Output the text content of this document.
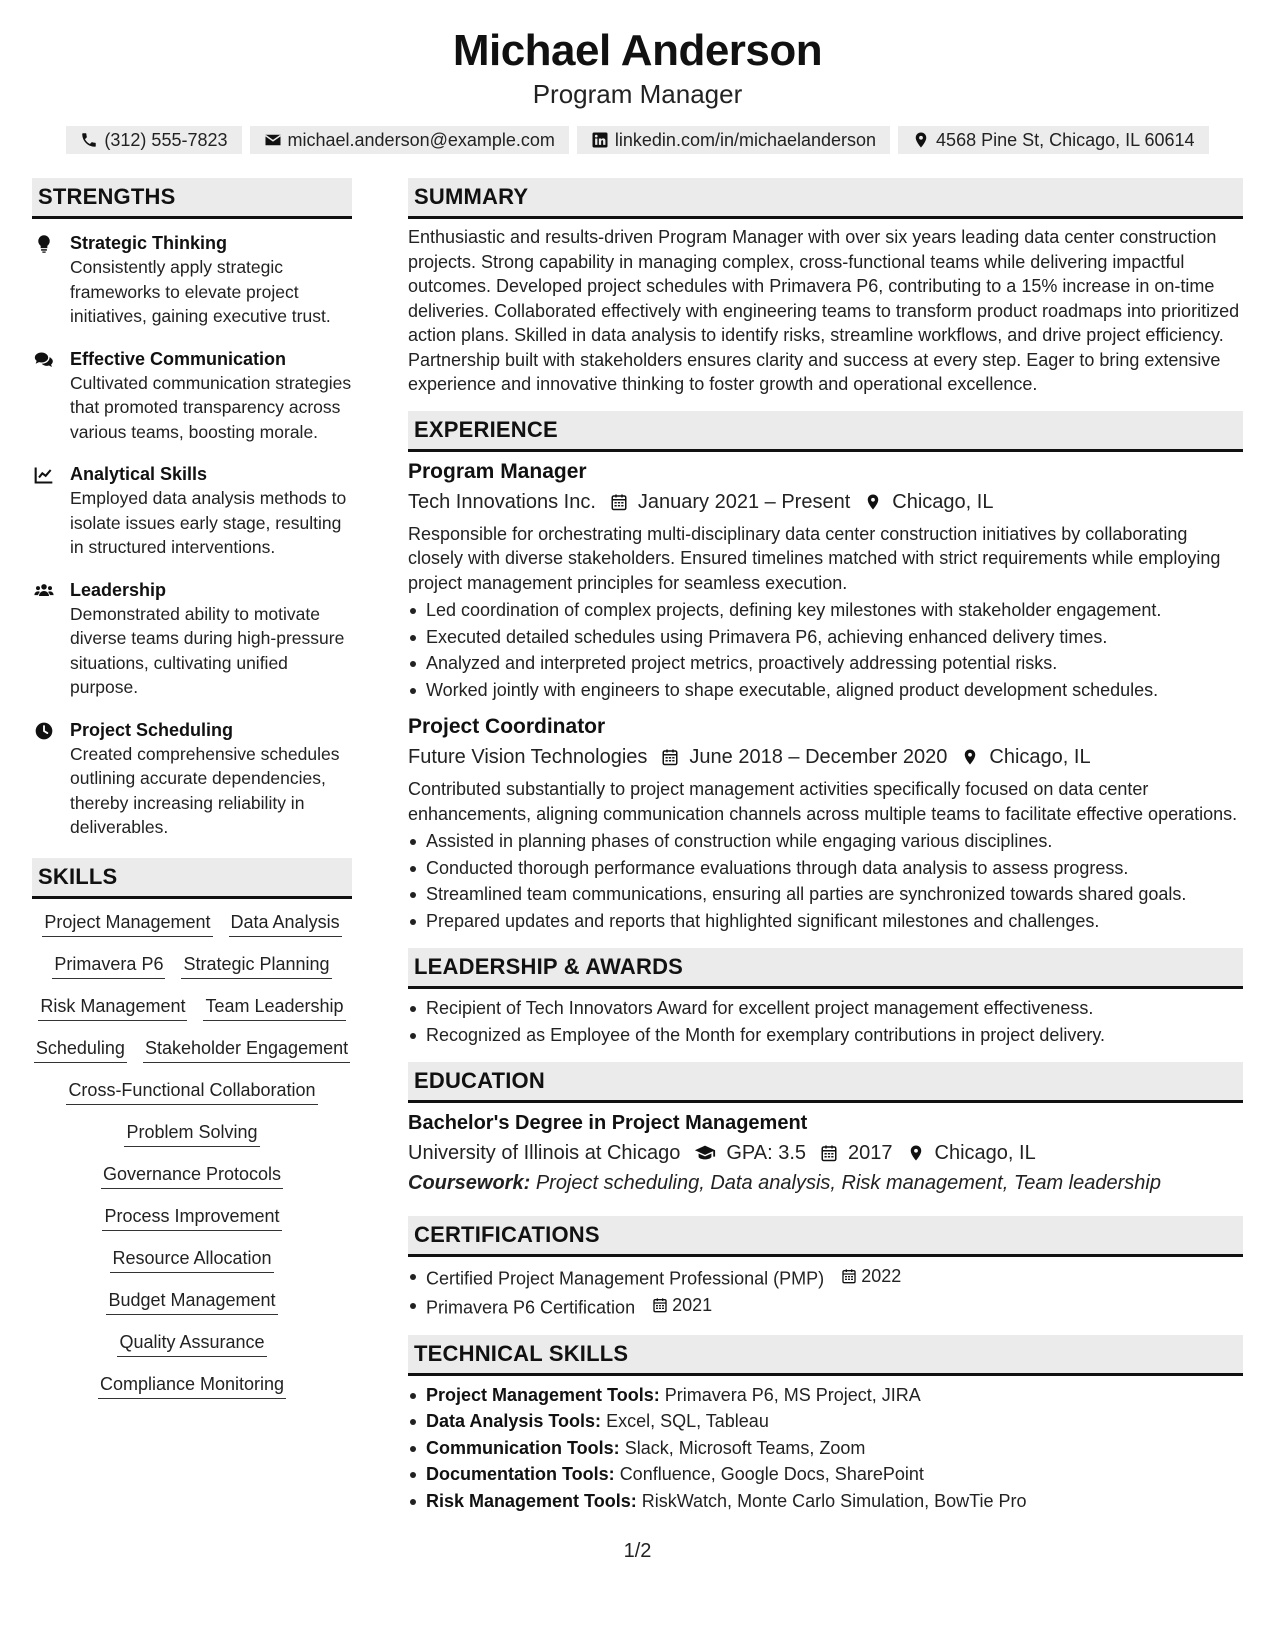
Michael Anderson
Program Manager
(312) 555-7823	michael.anderson@example.com	linkedin.com/in/michaelanderson	4568 Pine St, Chicago, IL 60614
STRENGTHS
Strategic Thinking
Consistently apply strategic frameworks to elevate project initiatives, gaining executive trust.
Effective Communication
Cultivated communication strategies that promoted transparency across various teams, boosting morale.
Analytical Skills
Employed data analysis methods to isolate issues early stage, resulting in structured interventions.
Leadership
Demonstrated ability to motivate diverse teams during high-pressure situations, cultivating unified purpose.
Project Scheduling
Created comprehensive schedules outlining accurate dependencies, thereby increasing reliability in deliverables.
SKILLS
Project Management Data Analysis
Primavera P6 Strategic Planning
Risk Management Team Leadership
Scheduling Stakeholder Engagement
Cross-Functional Collaboration
Problem Solving
Governance Protocols
Process Improvement
Resource Allocation
Budget Management
Quality Assurance
Compliance Monitoring
SUMMARY
Enthusiastic and results-driven Program Manager with over six years leading data center construction projects. Strong capability in managing complex, cross-functional teams while delivering impactful outcomes. Developed project schedules with Primavera P6, contributing to a 15% increase in on-time deliveries. Collaborated effectively with engineering teams to transform product roadmaps into prioritized action plans. Skilled in data analysis to identify risks, streamline workflows, and drive project efficiency. Partnership built with stakeholders ensures clarity and success at every step. Eager to bring extensive experience and innovative thinking to foster growth and operational excellence.
EXPERIENCE
Program Manager
Tech Innovations Inc. January 2021 – Present Chicago, IL
Responsible for orchestrating multi-disciplinary data center construction initiatives by collaborating closely with diverse stakeholders. Ensured timelines matched with strict requirements while employing project management principles for seamless execution.
Led coordination of complex projects, defining key milestones with stakeholder engagement.
Executed detailed schedules using Primavera P6, achieving enhanced delivery times.
Analyzed and interpreted project metrics, proactively addressing potential risks.
Worked jointly with engineers to shape executable, aligned product development schedules.
Project Coordinator
Future Vision Technologies June 2018 – December 2020 Chicago, IL
Contributed substantially to project management activities specifically focused on data center enhancements, aligning communication channels across multiple teams to facilitate effective operations.
Assisted in planning phases of construction while engaging various disciplines.
Conducted thorough performance evaluations through data analysis to assess progress.
Streamlined team communications, ensuring all parties are synchronized towards shared goals.
Prepared updates and reports that highlighted significant milestones and challenges.
LEADERSHIP & AWARDS
Recipient of Tech Innovators Award for excellent project management effectiveness.
Recognized as Employee of the Month for exemplary contributions in project delivery.
EDUCATION
Bachelor's Degree in Project Management
University of Illinois at Chicago GPA: 3.5 2017 Chicago, IL
Coursework: Project scheduling, Data analysis, Risk management, Team leadership
CERTIFICATIONS
Certified Project Management Professional (PMP) 2022
Primavera P6 Certification 2021
TECHNICAL SKILLS
Project Management Tools: Primavera P6, MS Project, JIRA
Data Analysis Tools: Excel, SQL, Tableau
Communication Tools: Slack, Microsoft Teams, Zoom
Documentation Tools: Confluence, Google Docs, SharePoint
Risk Management Tools: RiskWatch, Monte Carlo Simulation, BowTie Pro
1/2
